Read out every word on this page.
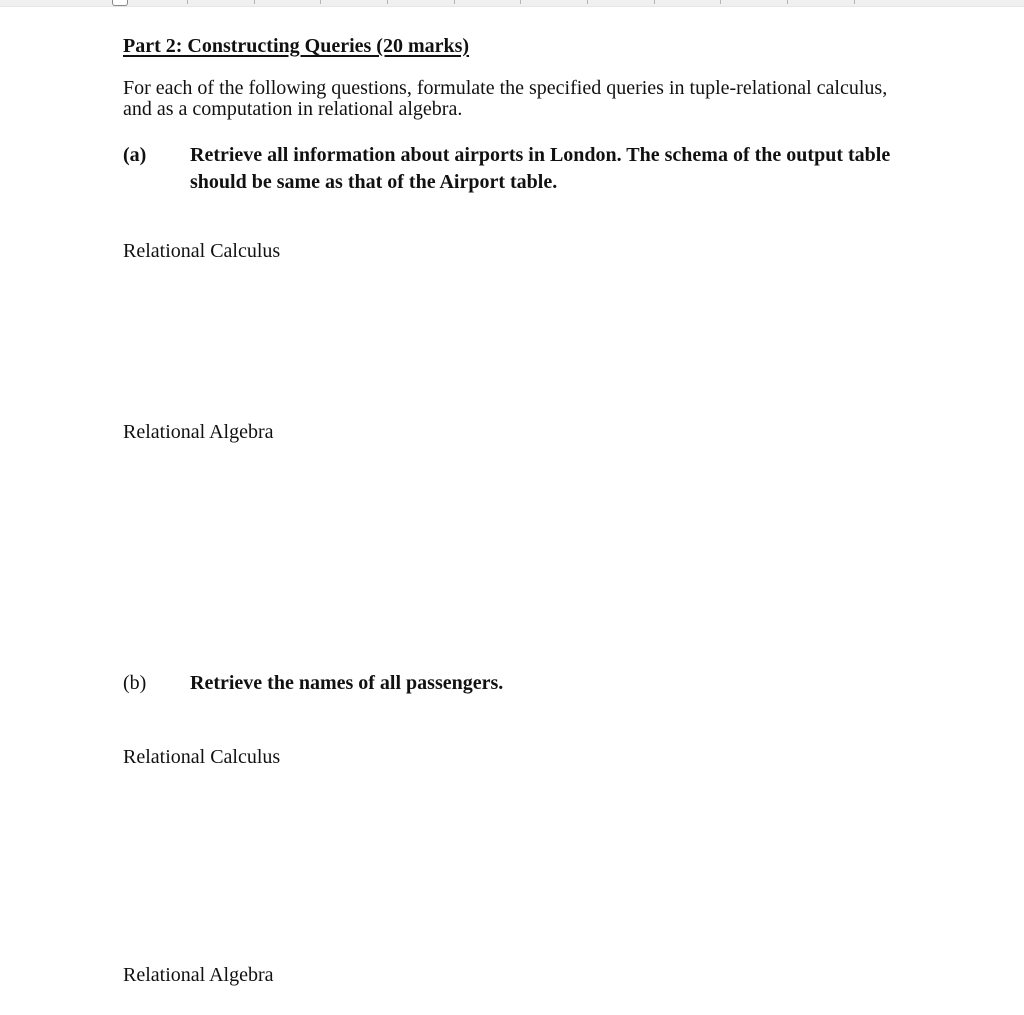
Part 2: Constructing Queries (20 marks)

For each of the following questions, formulate the specified queries in tuple-relational calculus, and as a computation in relational algebra.

(a)	Retrieve all information about airports in London. The schema of the output table should be same as that of the Airport table.
Relational Calculus
Relational Algebra
(b)	Retrieve the names of all passengers.
Relational Calculus
Relational Algebra
